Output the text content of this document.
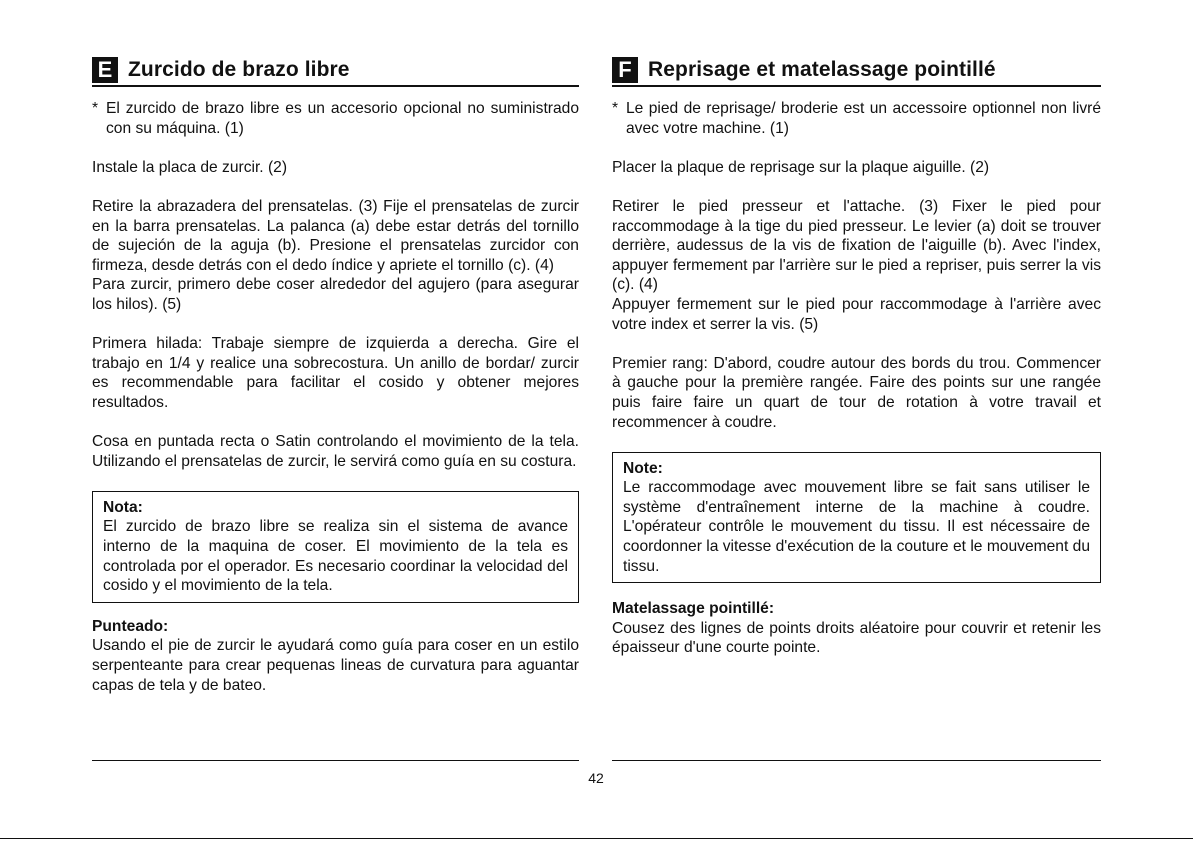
E Zurcido de brazo libre
* El zurcido de brazo libre es un accesorio opcional no suministrado con su máquina. (1)

Instale la placa de zurcir. (2)

Retire la abrazadera del prensatelas. (3) Fije el prensatelas de zurcir en la barra prensatelas. La palanca (a) debe estar detrás del tornillo de sujeción de la aguja (b). Presione el prensatelas zurcidor con firmeza, desde detrás con el dedo índice y apriete el tornillo (c). (4)

Para zurcir, primero debe coser alrededor del agujero (para asegurar los hilos). (5)

Primera hilada: Trabaje siempre de izquierda a derecha. Gire el trabajo en 1/4 y realice una sobrecostura. Un anillo de bordar/ zurcir es recommendable para facilitar el cosido y obtener mejores resultados.

Cosa en puntada recta o Satin controlando el movimiento de la tela. Utilizando el prensatelas de zurcir, le servirá como guía en su costura.

Nota:

El zurcido de brazo libre se realiza sin el sistema de avance interno de la maquina de coser. El movimiento de la tela es controlada por el operador. Es necesario coordinar la velocidad del cosido y el movimiento de la tela.

Punteado:

Usando el pie de zurcir le ayudará como guía para coser en un estilo serpenteante para crear pequenas lineas de curvatura para aguantar capas de tela y de bateo.

F Reprisage et matelassage pointillé
* Le pied de reprisage/ broderie est un accessoire optionnel non livré avec votre machine. (1)

Placer la plaque de reprisage sur la plaque aiguille. (2)

Retirer le pied presseur et l'attache. (3) Fixer le pied pour raccommodage à la tige du pied presseur. Le levier (a) doit se trouver derrière, audessus de la vis de fixation de l'aiguille (b). Avec l'index, appuyer fermement par l'arrière sur le pied a repriser, puis serrer la vis (c). (4)

Appuyer fermement sur le pied pour raccommodage à l'arrière avec votre index et serrer la vis. (5)

Premier rang: D'abord, coudre autour des bords du trou. Commencer à gauche pour la première rangée. Faire des points sur une rangée puis faire faire un quart de tour de rotation à votre travail et recommencer à coudre.

Note:

Le raccommodage avec mouvement libre se fait sans utiliser le système d'entraînement interne de la machine à coudre. L'opérateur contrôle le mouvement du tissu. Il est nécessaire de coordonner la vitesse d'exécution de la couture et le mouvement du tissu.

Matelassage pointillé:

Cousez des lignes de points droits aléatoire pour couvrir et retenir les épaisseur d'une courte pointe.

42
